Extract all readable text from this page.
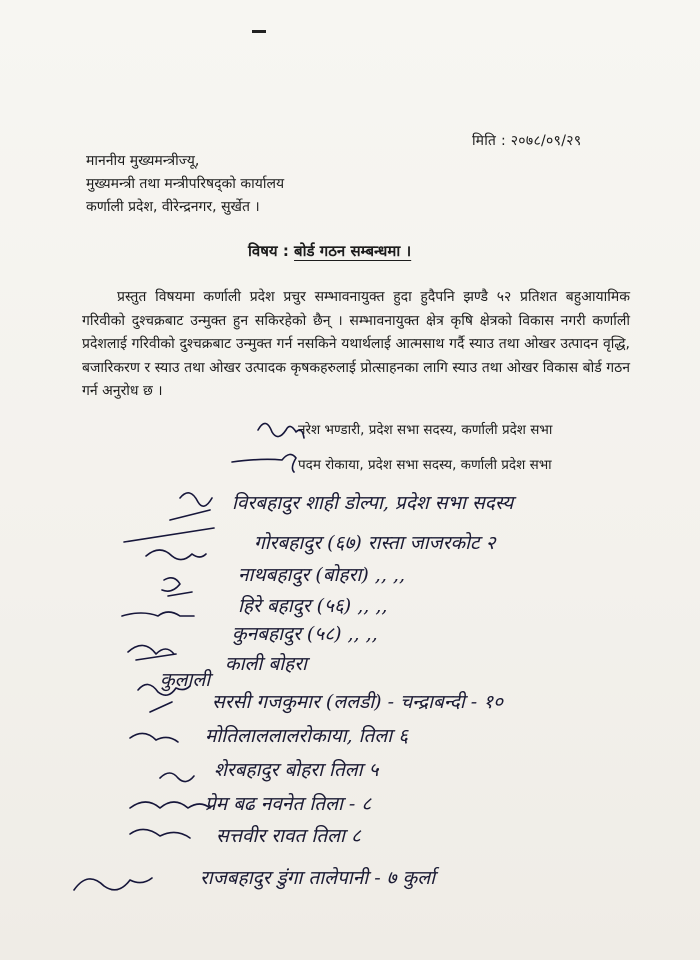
मिति : २०७८/०९/२९
माननीय मुख्यमन्त्रीज्यू,
मुख्यमन्त्री तथा मन्त्रीपरिषद्को कार्यालय
कर्णाली प्रदेश, वीरेन्द्रनगर, सुर्खेत ।
विषय : बोर्ड गठन सम्बन्धमा ।
प्रस्तुत विषयमा कर्णाली प्रदेश प्रचुर सम्भावनायुक्त हुदा हुदैपनि झण्डै ५२ प्रतिशत बहुआयामिक गरिवीको दुश्चक्रबाट उन्मुक्त हुन सकिरहेको छैन् । सम्भावनायुक्त क्षेत्र कृषि क्षेत्रको विकास नगरी कर्णाली प्रदेशलाई गरिवीको दुश्चक्रबाट उन्मुक्त गर्न नसकिने यथार्थलाई आत्मसाथ गर्दै स्याउ तथा ओखर उत्पादन वृद्धि, बजारिकरण र स्याउ तथा ओखर उत्पादक कृषकहरुलाई प्रोत्साहनका लागि स्याउ तथा ओखर विकास बोर्ड गठन गर्न अनुरोध छ ।
नरेश भण्डारी, प्रदेश सभा सदस्य, कर्णाली प्रदेश सभा
पदम रोकाया, प्रदेश सभा सदस्य, कर्णाली प्रदेश सभा
विरबहादुर शाही डोल्पा, प्रदेश सभा सदस्य
गोरबहादुर (६७) रास्ता जाजरकोट २
नाथबहादुर (बोहरा) ,, ,,
हिरे बहादुर (५६) ,, ,,
कुनबहादुर (५८) ,, ,,
काली बोहरा
कुलाली
सरसी गजकुमार (ललडी) - चन्द्राबन्दी - १०
मोतिलाललालरोकाया, तिला ६
शेरबहादुर बोहरा तिला ५
प्रेम बढ नवनेत तिला - ८
सत्तवीर रावत तिला ८
राजबहादुर डुंगा तालेपानी - ७ कुर्ला
